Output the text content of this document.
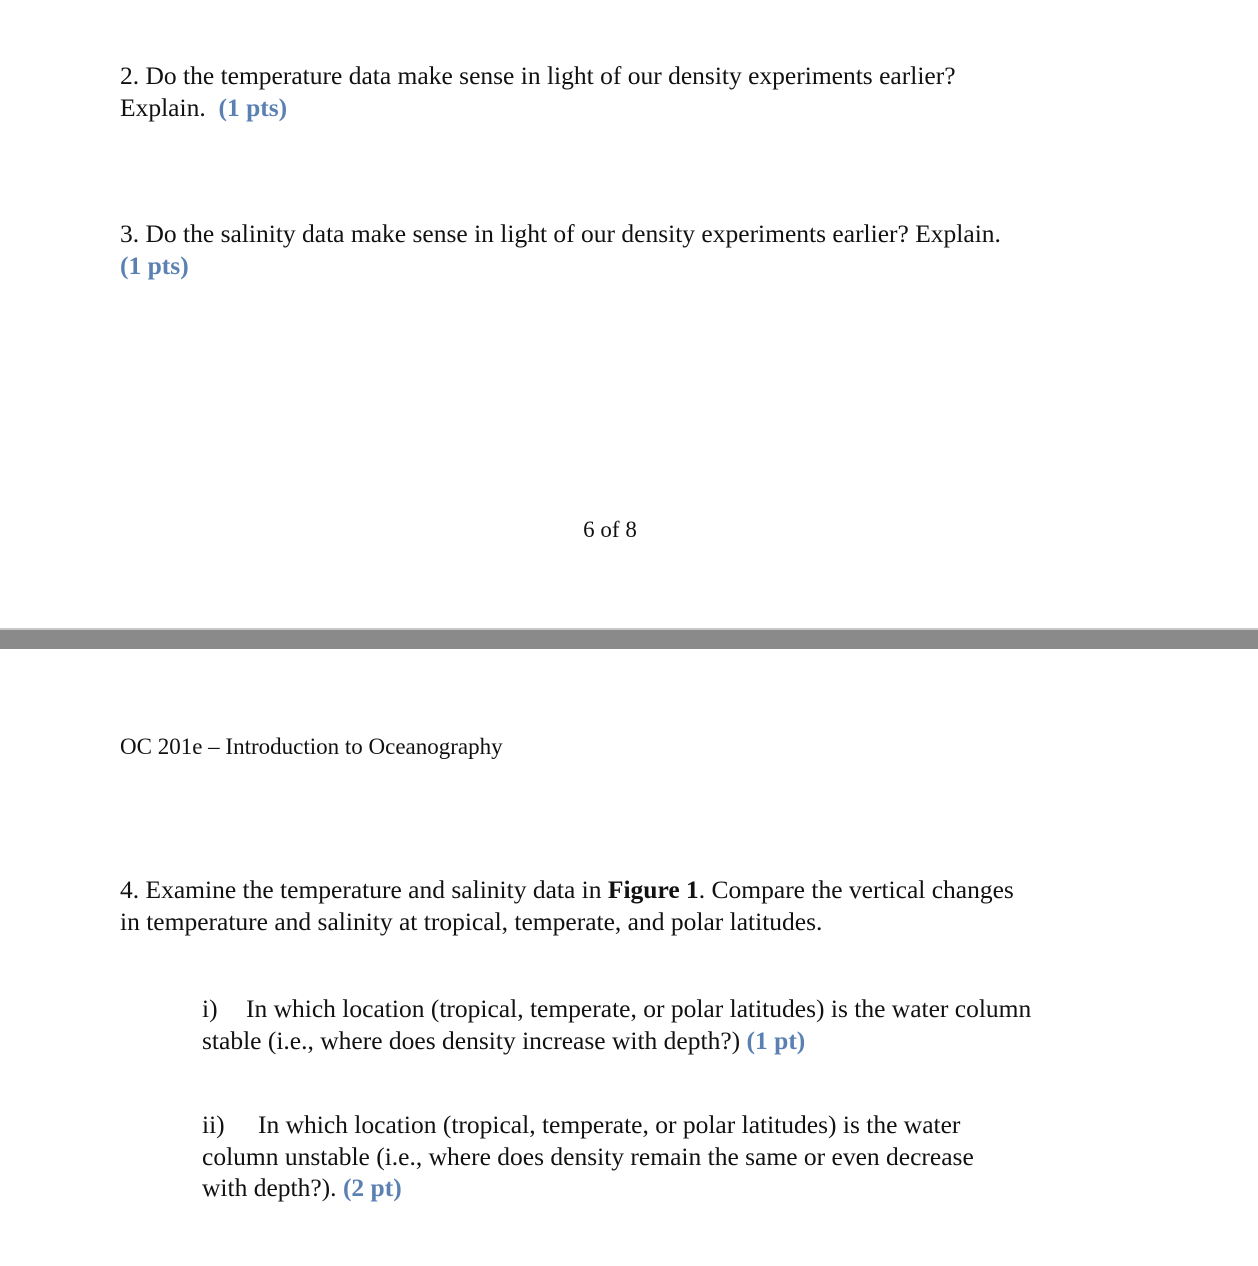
2. Do the temperature data make sense in light of our density experiments earlier?
Explain. (1 pts)
3. Do the salinity data make sense in light of our density experiments earlier? Explain.
(1 pts)
6 of 8
OC 201e – Introduction to Oceanography
4. Examine the temperature and salinity data in Figure 1. Compare the vertical changes
in temperature and salinity at tropical, temperate, and polar latitudes.
i) In which location (tropical, temperate, or polar latitudes) is the water column
stable (i.e., where does density increase with depth?) (1 pt)
ii) In which location (tropical, temperate, or polar latitudes) is the water
column unstable (i.e., where does density remain the same or even decrease
with depth?). (2 pt)
